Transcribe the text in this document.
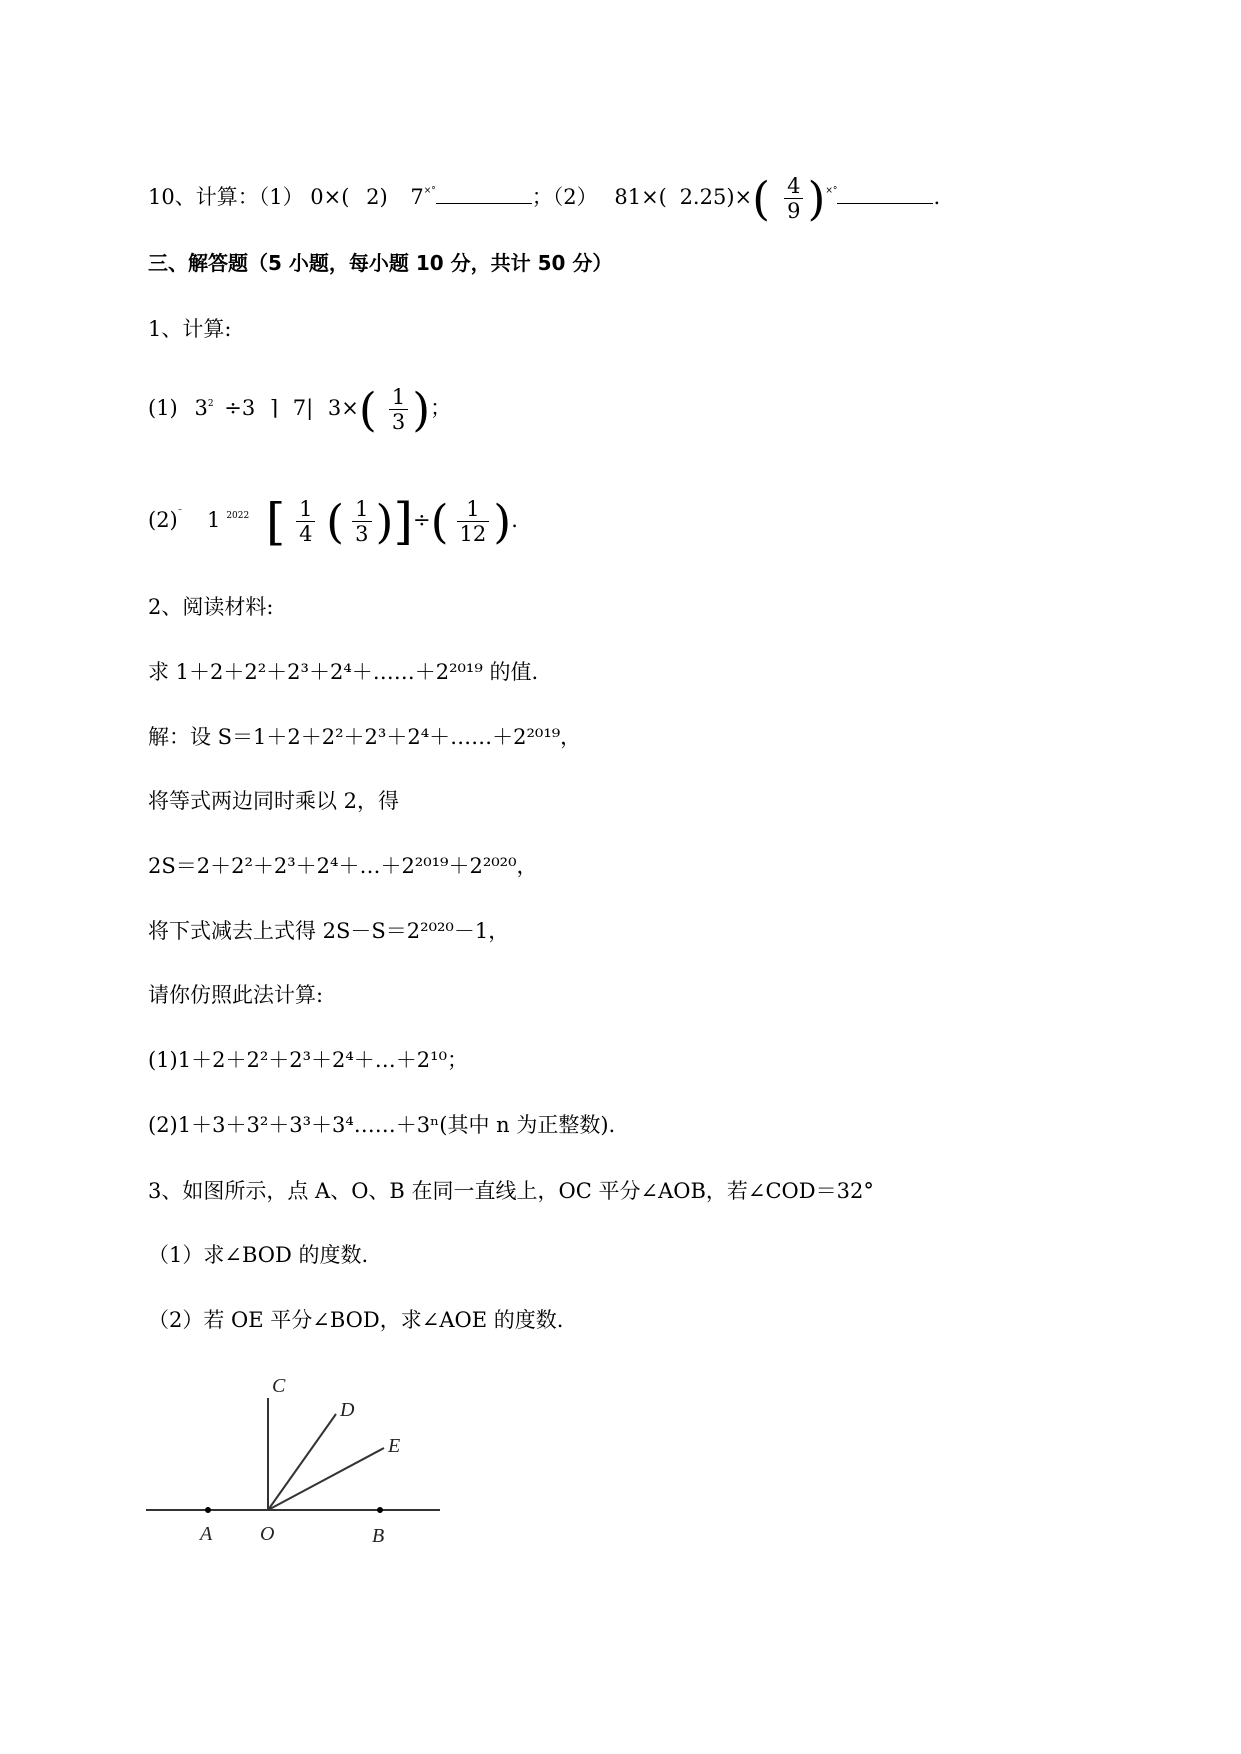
10、计算：（1） 0×( 2) 7×°	；（2） 81×( $2.25)\times( \frac{4}{9} )^{\times^\circ}$	.
三、解答题（5 小题，每小题 10 分，共计 50 分）
1、计算:
(1) $3^2 \div 3$ ⌉ 7| $3\times( \frac{1}{3}$ )；
(2)˜ 1 $^{2022}$ [ $\frac{1}{4}$ ( $\frac{1}{3}$ )]÷( $\frac{1}{12}$ ).
2、阅读材料:
求 1＋2＋2²＋2³＋2⁴＋……＋2²⁰¹⁹ 的值.
解：设 S＝1＋2＋2²＋2³＋2⁴＋……＋2²⁰¹⁹，
将等式两边同时乘以 2，得
2S＝2＋2²＋2³＋2⁴＋…＋2²⁰¹⁹＋2²⁰²⁰，
将下式减去上式得 2S－S＝2²⁰²⁰－1，
请你仿照此法计算:
(1)1＋2＋2²＋2³＋2⁴＋…＋2¹⁰；
(2)1＋3＋3²＋3³＋3⁴……＋3ⁿ(其中 n 为正整数).
3、如图所示，点 A、O、B 在同一直线上，OC 平分∠AOB，若∠COD＝32°
（1）求∠BOD 的度数.
（2）若 OE 平分∠BOD，求∠AOE 的度数.
C
D
E
A O	B
